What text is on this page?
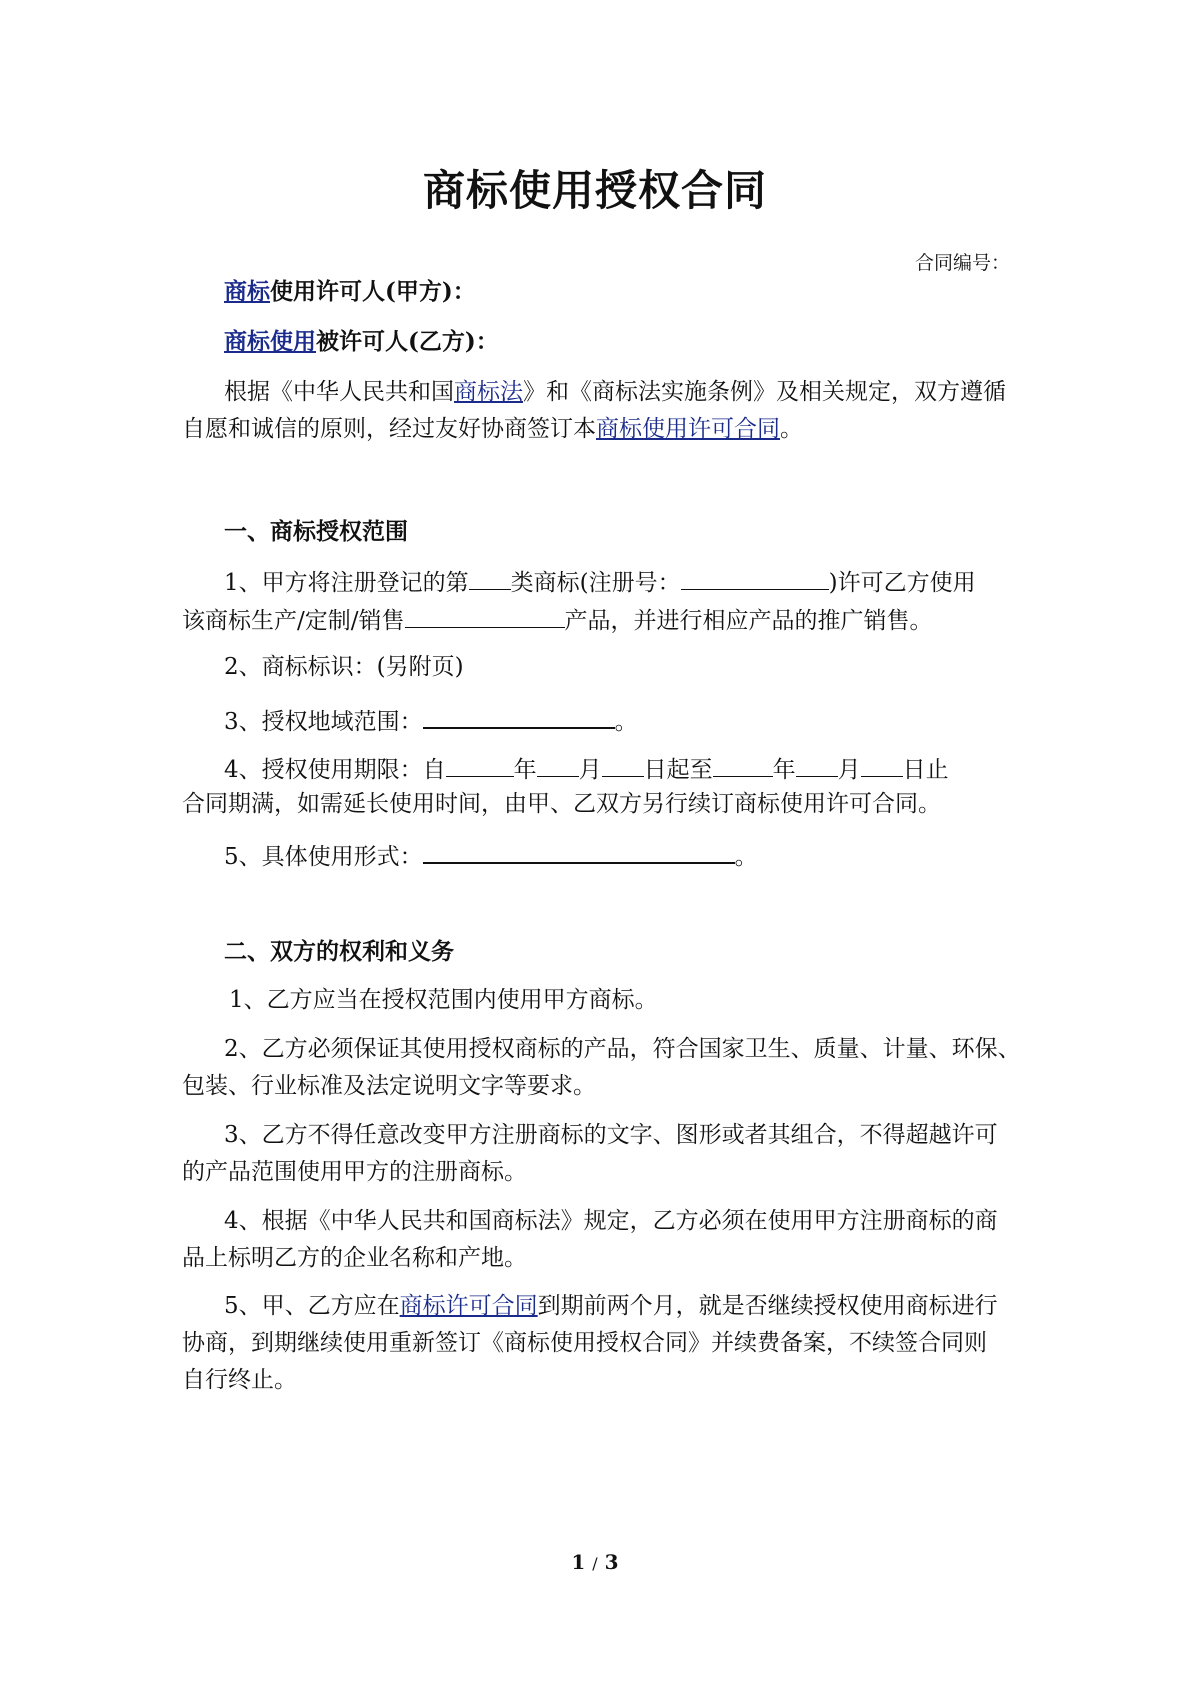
商标使用授权合同
合同编号：
商标使用许可人(甲方)：
商标使用被许可人(乙方)：
根据《中华人民共和国商标法》和《商标法实施条例》及相关规定，双方遵循
自愿和诚信的原则，经过友好协商签订本商标使用许可合同。
一、商标授权范围
1、甲方将注册登记的第 类商标(注册号：	)许可乙方使用
该商标生产/定制/销售	产品，并进行相应产品的推广销售。
2、商标标识：(另附页)
3、授权地域范围：	。
4、授权使用期限：自	年 月 日起至	年 月 日止
合同期满，如需延长使用时间，由甲、乙双方另行续订商标使用许可合同。
5、具体使用形式：	。
二、双方的权利和义务
1、乙方应当在授权范围内使用甲方商标。
2、乙方必须保证其使用授权商标的产品，符合国家卫生、质量、计量、环保、
包装、行业标准及法定说明文字等要求。
3、乙方不得任意改变甲方注册商标的文字、图形或者其组合，不得超越许可
的产品范围使用甲方的注册商标。
4、根据《中华人民共和国商标法》规定，乙方必须在使用甲方注册商标的商
品上标明乙方的企业名称和产地。
5、甲、乙方应在商标许可合同到期前两个月，就是否继续授权使用商标进行
协商，到期继续使用重新签订《商标使用授权合同》并续费备案，不续签合同则
自行终止。
1 / 3
